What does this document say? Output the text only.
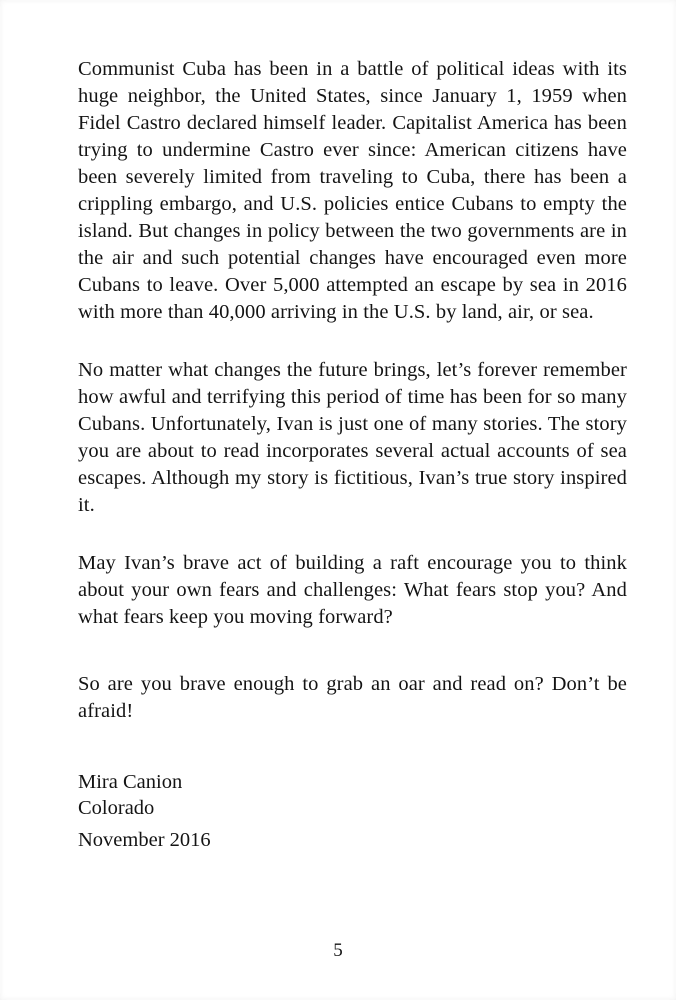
Communist Cuba has been in a battle of political ideas with its huge neighbor, the United States, since January 1, 1959 when Fidel Castro declared himself leader. Capitalist America has been trying to undermine Castro ever since: American citizens have been severely limited from traveling to Cuba, there has been a crippling embargo, and U.S. policies entice Cubans to empty the island. But changes in policy between the two governments are in the air and such potential changes have encouraged even more Cubans to leave. Over 5,000 attempted an escape by sea in 2016 with more than 40,000 arriving in the U.S. by land, air, or sea.

No matter what changes the future brings, let’s forever remember how awful and terrifying this period of time has been for so many Cubans. Unfortunately, Ivan is just one of many stories. The story you are about to read incorporates several actual accounts of sea escapes. Although my story is fictitious, Ivan’s true story inspired it.

May Ivan’s brave act of building a raft encourage you to think about your own fears and challenges: What fears stop you? And what fears keep you moving forward?

So are you brave enough to grab an oar and read on? Don’t be afraid!

Mira Canion
Colorado
November 2016
5
